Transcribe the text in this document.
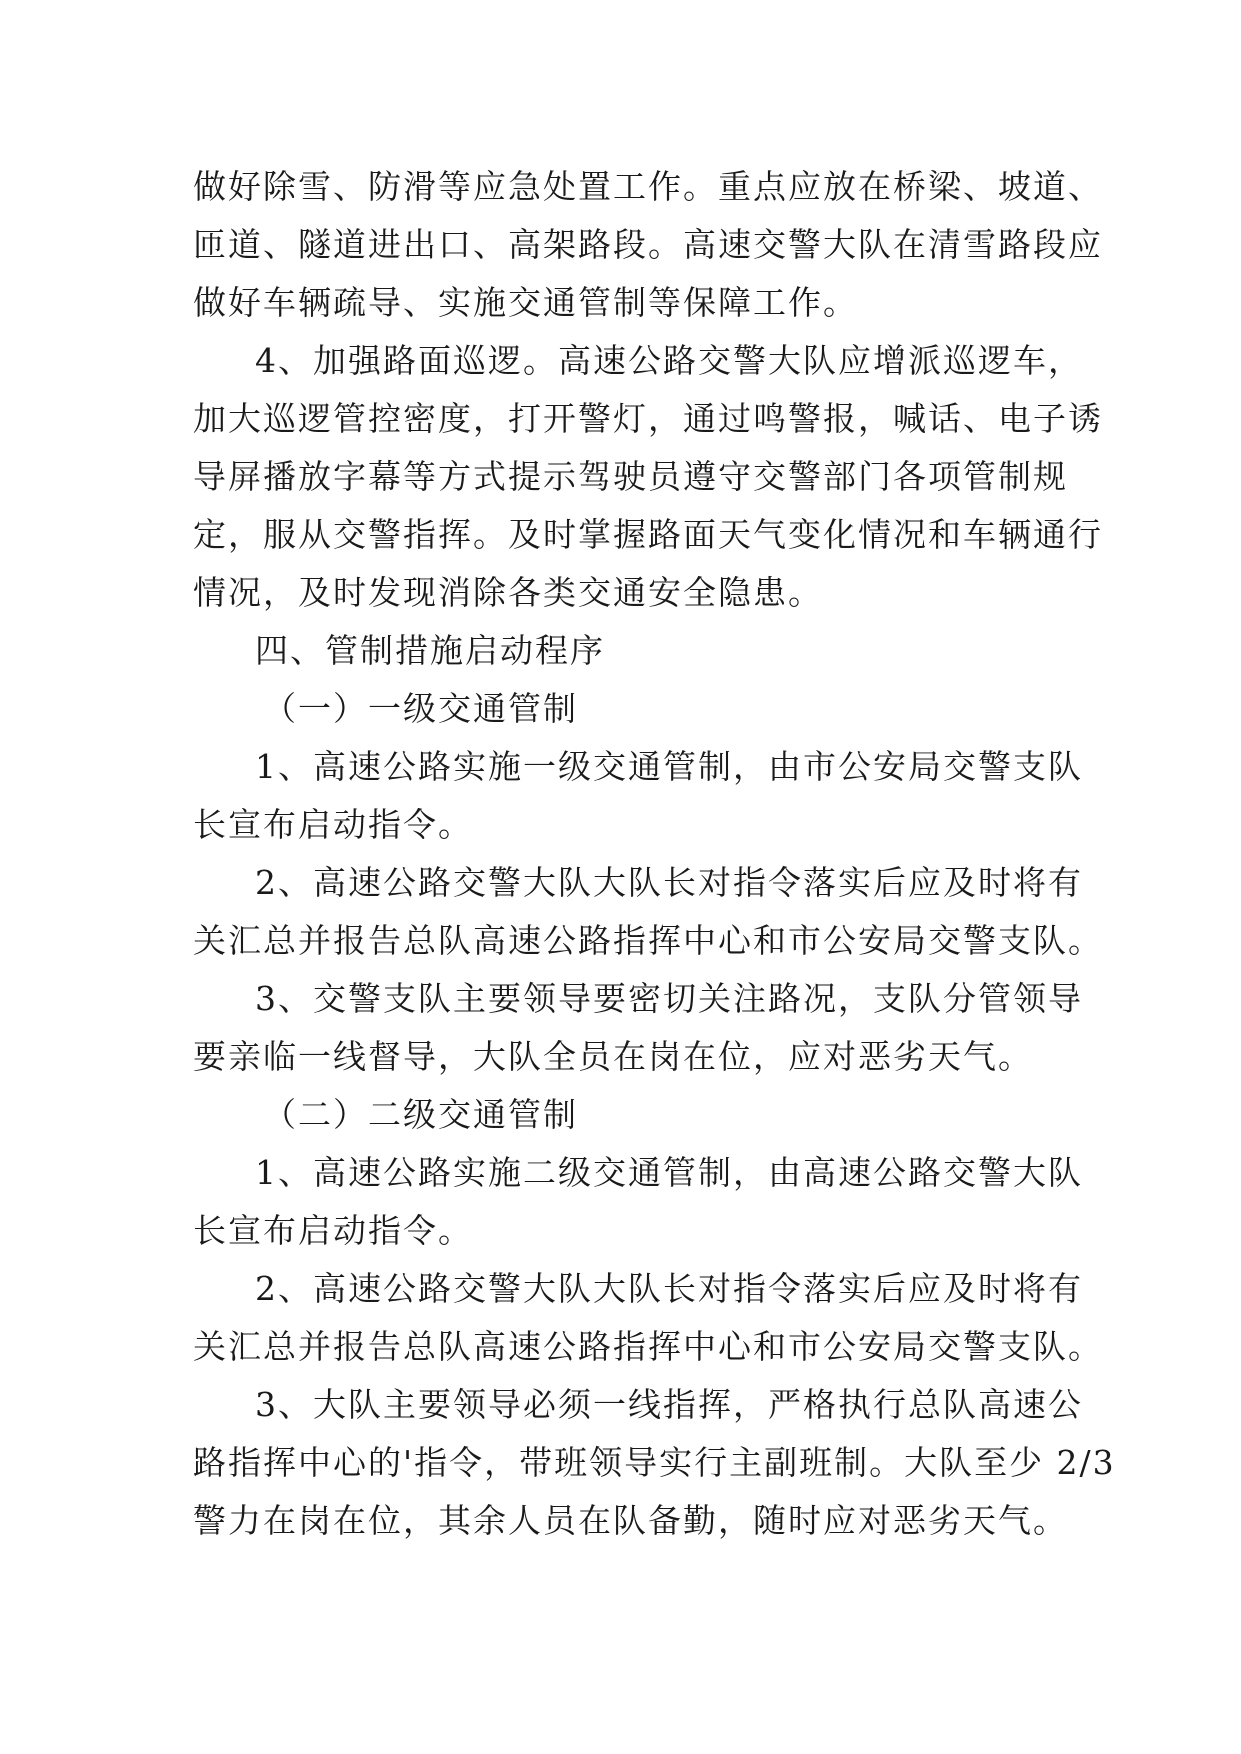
做好除雪、防滑等应急处置工作。重点应放在桥梁、坡道、
匝道、隧道进出口、高架路段。高速交警大队在清雪路段应
做好车辆疏导、实施交通管制等保障工作。
4、加强路面巡逻。高速公路交警大队应增派巡逻车，
加大巡逻管控密度，打开警灯，通过鸣警报，喊话、电子诱
导屏播放字幕等方式提示驾驶员遵守交警部门各项管制规
定，服从交警指挥。及时掌握路面天气变化情况和车辆通行
情况，及时发现消除各类交通安全隐患。
四、管制措施启动程序
（一）一级交通管制
1、高速公路实施一级交通管制，由市公安局交警支队
长宣布启动指令。
2、高速公路交警大队大队长对指令落实后应及时将有
关汇总并报告总队高速公路指挥中心和市公安局交警支队。
3、交警支队主要领导要密切关注路况，支队分管领导
要亲临一线督导，大队全员在岗在位，应对恶劣天气。
（二）二级交通管制
1、高速公路实施二级交通管制，由高速公路交警大队
长宣布启动指令。
2、高速公路交警大队大队长对指令落实后应及时将有
关汇总并报告总队高速公路指挥中心和市公安局交警支队。
3、大队主要领导必须一线指挥，严格执行总队高速公
路指挥中心的'指令，带班领导实行主副班制。大队至少 2/3
警力在岗在位，其余人员在队备勤，随时应对恶劣天气。
